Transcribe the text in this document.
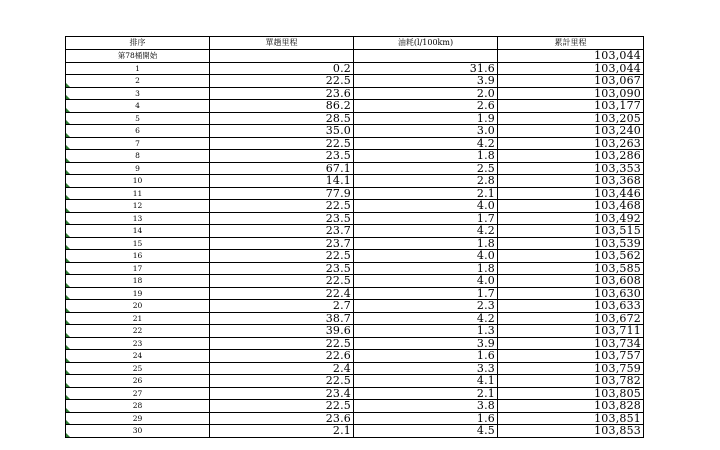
排序	單趟里程	油耗(l/100km)	累計里程
第78桶開始			103,044
1	0.2	31.6	103,044
2	22.5	3.9	103,067
3	23.6	2.0	103,090
4	86.2	2.6	103,177
5	28.5	1.9	103,205
6	35.0	3.0	103,240
7	22.5	4.2	103,263
8	23.5	1.8	103,286
9	67.1	2.5	103,353
10	14.1	2.8	103,368
11	77.9	2.1	103,446
12	22.5	4.0	103,468
13	23.5	1.7	103,492
14	23.7	4.2	103,515
15	23.7	1.8	103,539
16	22.5	4.0	103,562
17	23.5	1.8	103,585
18	22.5	4.0	103,608
19	22.4	1.7	103,630
20	2.7	2.3	103,633
21	38.7	4.2	103,672
22	39.6	1.3	103,711
23	22.5	3.9	103,734
24	22.6	1.6	103,757
25	2.4	3.3	103,759
26	22.5	4.1	103,782
27	23.4	2.1	103,805
28	22.5	3.8	103,828
29	23.6	1.6	103,851
30	2.1	4.5	103,853
